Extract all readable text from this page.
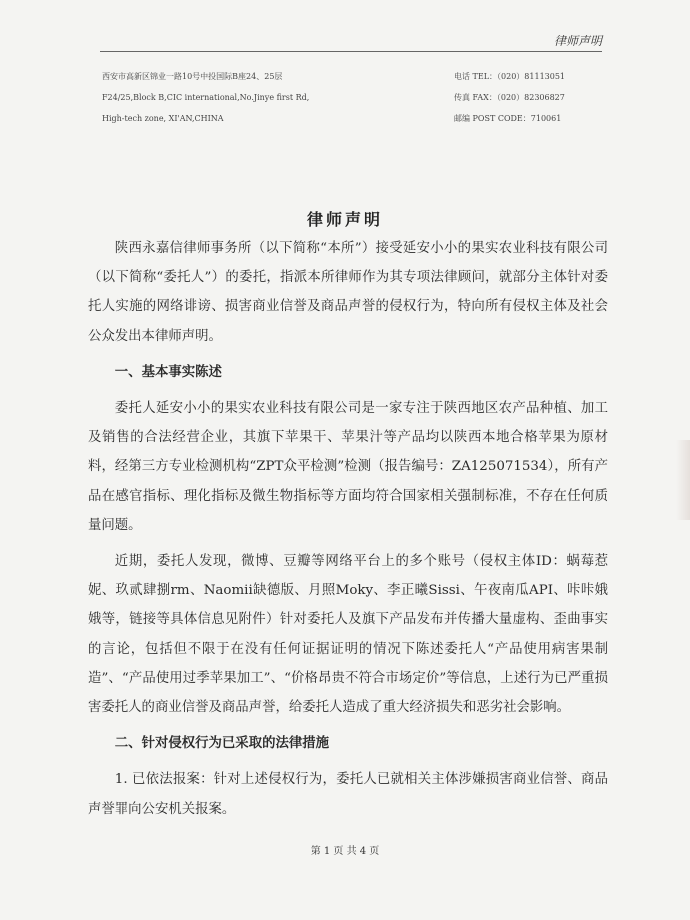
律师声明
西安市高新区锦业一路10号中投国际B座24、25层
F24/25,Block B,CIC international,No.Jinye first Rd,
High-tech zone, XI'AN,CHINA
电话 TEL：（020）81113051
传真 FAX：（020）82306827
邮编 POST CODE：710061
律师声明

陕西永嘉信律师事务所（以下简称“本所”）接受延安小小的果实农业科技有限公司（以下简称“委托人”）的委托，指派本所律师作为其专项法律顾问，就部分主体针对委托人实施的网络诽谤、损害商业信誉及商品声誉的侵权行为，特向所有侵权主体及社会公众发出本律师声明。

一、基本事实陈述

委托人延安小小的果实农业科技有限公司是一家专注于陕西地区农产品种植、加工及销售的合法经营企业，其旗下苹果干、苹果汁等产品均以陕西本地合格苹果为原材料，经第三方专业检测机构“ZPT众平检测”检测（报告编号：ZA125071534），所有产品在感官指标、理化指标及微生物指标等方面均符合国家相关强制标准，不存在任何质量问题。

近期，委托人发现，微博、豆瓣等网络平台上的多个账号（侵权主体ID：蜗莓惹妮、玖贰肆捌rm、Naomii缺德版、月照Moky、李正曦Sissi、午夜南瓜API、咔咔娥娥等，链接等具体信息见附件）针对委托人及旗下产品发布并传播大量虚构、歪曲事实的言论，包括但不限于在没有任何证据证明的情况下陈述委托人“产品使用病害果制造”、“产品使用过季苹果加工”、“价格昂贵不符合市场定价”等信息，上述行为已严重损害委托人的商业信誉及商品声誉，给委托人造成了重大经济损失和恶劣社会影响。

二、针对侵权行为已采取的法律措施

1. 已依法报案：针对上述侵权行为，委托人已就相关主体涉嫌损害商业信誉、商品声誉罪向公安机关报案。

第 1 页 共 4 页
